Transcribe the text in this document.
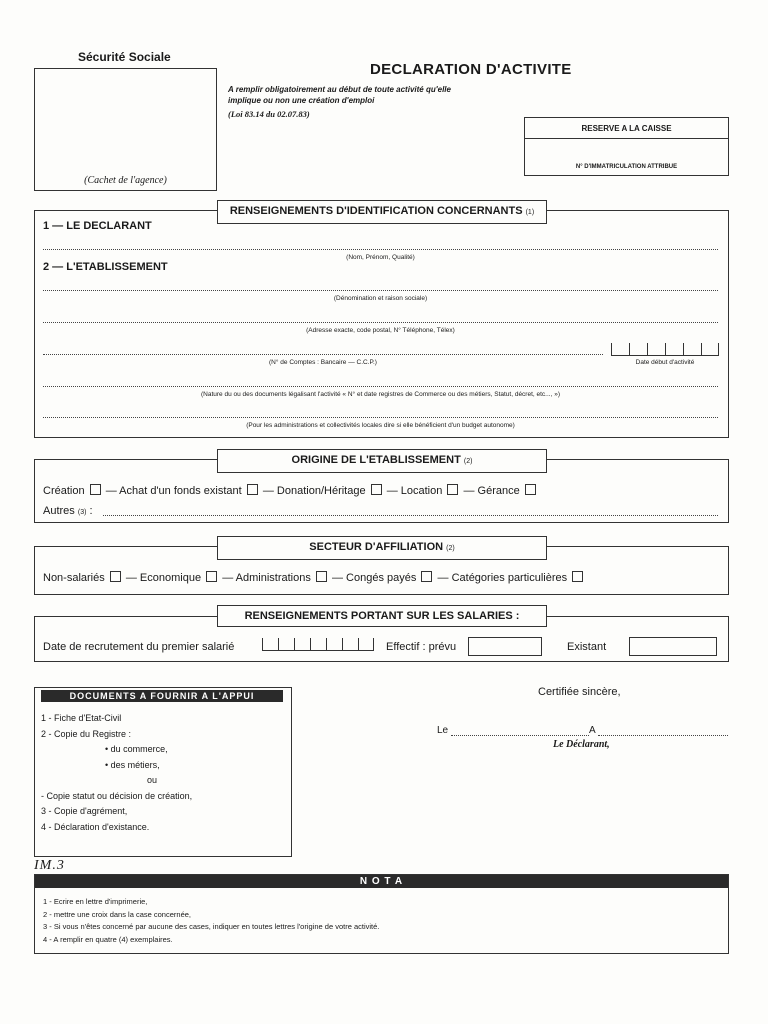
Sécurité Sociale
(Cachet de l'agence)
DECLARATION D'ACTIVITE
A remplir obligatoirement au début de toute activité qu'elle
implique ou non une création d'emploi
(Loi 83.14 du 02.07.83)
RESERVE A LA CAISSE
N° D'IMMATRICULATION ATTRIBUE
RENSEIGNEMENTS D'IDENTIFICATION CONCERNANTS (1)
1 — LE DECLARANT
(Nom, Prénom, Qualité)
2 — L'ETABLISSEMENT
(Dénomination et raison sociale)
(Adresse exacte, code postal, N° Téléphone, Télex)
(N° de Comptes : Bancaire — C.C.P.)	Date début d'activité
(Nature du ou des documents légalisant l'activité « N° et date registres de Commerce ou des métiers, Statut, décret, etc..., »)
(Pour les administrations et collectivités locales dire si elle bénéficient d'un budget autonome)
ORIGINE DE L'ETABLISSEMENT (2)
Création — Achat d'un fonds existant — Donation/Héritage — Location — Gérance
Autres (3) :
SECTEUR D'AFFILIATION (2)
Non-salariés — Economique — Administrations — Congés payés — Catégories particulières
RENSEIGNEMENTS PORTANT SUR LES SALARIES :
Date de recrutement du premier salarié	Effectif : prévu	Existant
DOCUMENTS A FOURNIR A L'APPUI
1 - Fiche d'Etat-Civil
2 - Copie du Registre :
• du commerce,
• des métiers,
ou
- Copie statut ou décision de création,
3 - Copie d'agrément,
4 - Déclaration d'existance.
Certifiée sincère,
Le	A
Le Déclarant,
IM.3
N O T A
1 - Ecrire en lettre d'imprimerie,
2 - mettre une croix dans la case concernée,
3 - Si vous n'êtes concerné par aucune des cases, indiquer en toutes lettres l'origine de votre activité.
4 - A remplir en quatre (4) exemplaires.
